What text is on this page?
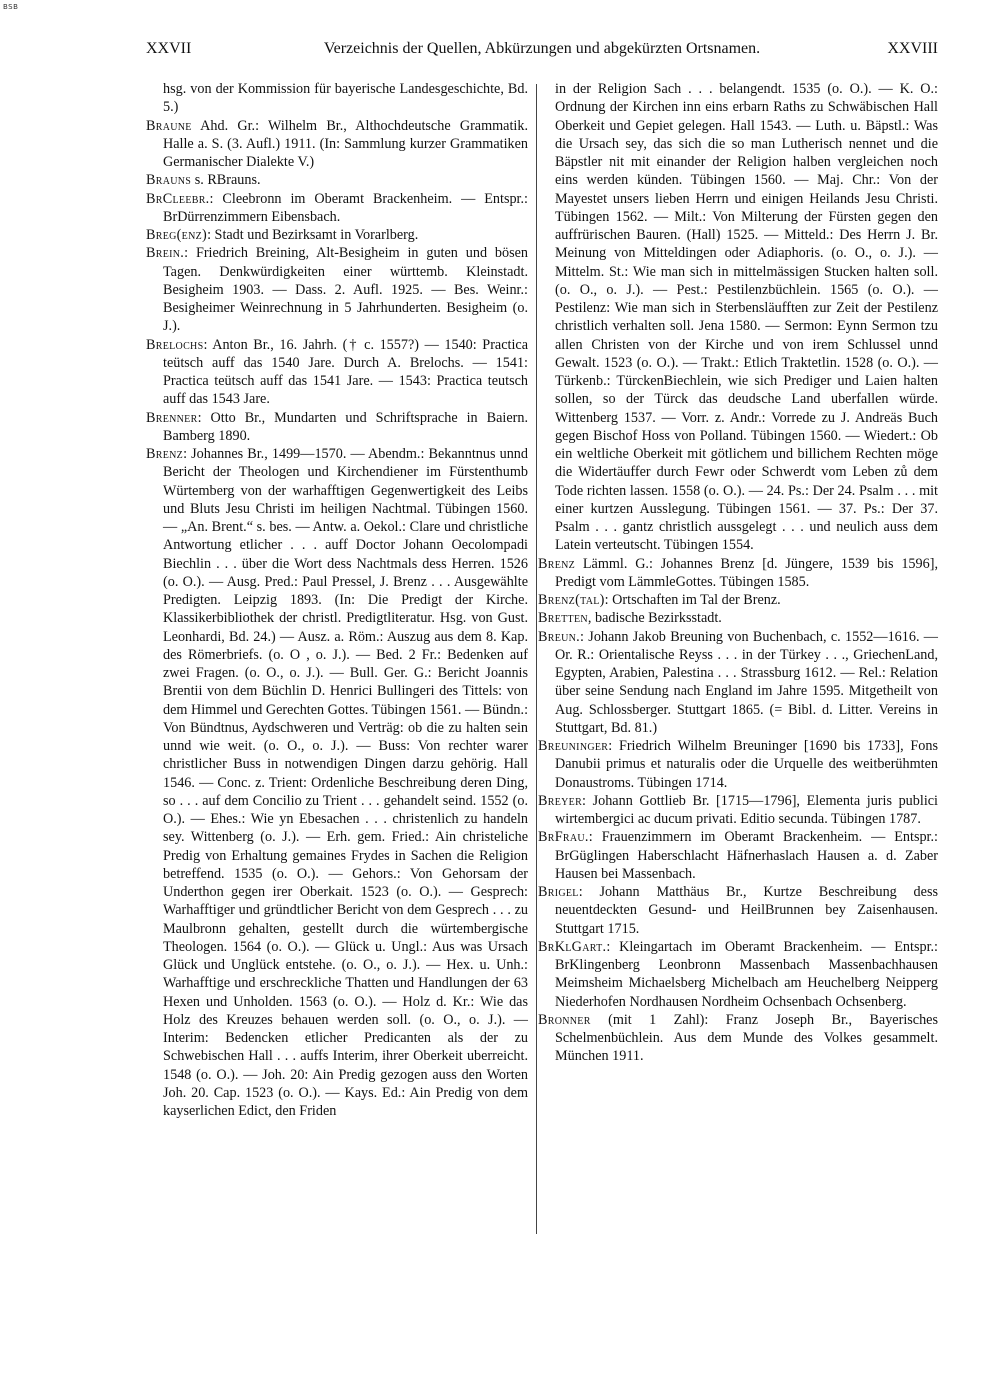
BSB
XXVII	Verzeichnis der Quellen, Abkürzungen und abgekürzten Ortsnamen.	XXVIII

hsg. von der Kommission für bayerische Landesgeschichte, Bd. 5.)

Braune Ahd. Gr.: Wilhelm Br., Althochdeutsche Grammatik. Halle a. S. (3. Aufl.) 1911. (In: Sammlung kurzer Grammatiken Germanischer Dialekte V.)

Brauns s. RBrauns.

BrCleebr.: Cleebronn im Oberamt Brackenheim. — Entspr.: BrDürrenzimmern Eibensbach.

Breg(enz): Stadt und Bezirksamt in Vorarlberg.

Brein.: Friedrich Breining, Alt-Besigheim in guten und bösen Tagen. Denkwürdigkeiten einer württemb. Kleinstadt. Besigheim 1903. — Dass. 2. Aufl. 1925. — Bes. Weinr.: Besigheimer Weinrechnung in 5 Jahrhunderten. Besigheim (o. J.).

Brelochs: Anton Br., 16. Jahrh. († c. 1557?) — 1540: Practica teütsch auff das 1540 Jare. Durch A. Brelochs. — 1541: Practica teütsch auff das 1541 Jare. — 1543: Practica teutsch auff das 1543 Jare.

Brenner: Otto Br., Mundarten und Schriftsprache in Baiern. Bamberg 1890.

Brenz: Johannes Br., 1499—1570. — Abendm.: Bekanntnus unnd Bericht der Theologen und Kirchendiener im Fürstenthumb Würtemberg von der warhafftigen Gegenwertigkeit des Leibs und Bluts Jesu Christi im heiligen Nachtmal. Tübingen 1560. — „An. Brent.“ s. bes. — Antw. a. Oekol.: Clare und christliche Antwortung etlicher . . . auff Doctor Johann Oecolompadi Biechlin . . . über die Wort dess Nachtmals dess Herren. 1526 (o. O.). — Ausg. Pred.: Paul Pressel, J. Brenz . . . Ausgewählte Predigten. Leipzig 1893. (In: Die Predigt der Kirche. Klassikerbibliothek der christl. Predigtliteratur. Hsg. von Gust. Leonhardi, Bd. 24.) — Ausz. a. Röm.: Auszug aus dem 8. Kap. des Römerbriefs. (o. O , o. J.). — Bed. 2 Fr.: Bedenken auf zwei Fragen. (o. O., o. J.). — Bull. Ger. G.: Bericht Joannis Brentii von dem Büchlin D. Henrici Bullingeri des Tittels: von dem Himmel und Gerechten Gottes. Tübingen 1561. — Bündn.: Von Bündtnus, Aydschweren und Verträg: ob die zu halten sein unnd wie weit. (o. O., o. J.). — Buss: Von rechter warer christlicher Buss in notwendigen Dingen darzu gehörig. Hall 1546. — Conc. z. Trient: Ordenliche Beschreibung deren Ding, so . . . auf dem Concilio zu Trient . . . gehandelt seind. 1552 (o. O.). — Ehes.: Wie yn Ebesachen . . . christenlich zu handeln sey. Wittenberg (o. J.). — Erh. gem. Fried.: Ain christeliche Predig von Erhaltung gemaines Frydes in Sachen die Religion betreffend. 1535 (o. O.). — Gehors.: Von Gehorsam der Underthon gegen irer Oberkait. 1523 (o. O.). — Gesprech: Warhafftiger und gründtlicher Bericht von dem Gesprech . . . zu Maulbronn gehalten, gestellt durch die würtembergische Theologen. 1564 (o. O.). — Glück u. Ungl.: Aus was Ursach Glück und Unglück entstehe. (o. O., o. J.). — Hex. u. Unh.: Warhafftige und erschreckliche Thatten und Handlungen der 63 Hexen und Unholden. 1563 (o. O.). — Holz d. Kr.: Wie das Holz des Kreuzes behauen werden soll. (o. O., o. J.). — Interim: Bedencken etlicher Predicanten als der zu Schwebischen Hall . . . auffs Interim, ihrer Oberkeit uberreicht. 1548 (o. O.). — Joh. 20: Ain Predig gezogen auss den Worten Joh. 20. Cap. 1523 (o. O.). — Kays. Ed.: Ain Predig von dem kayserlichen Edict, den Friden

in der Religion Sach . . . belangendt. 1535 (o. O.). — K. O.: Ordnung der Kirchen inn eins erbarn Raths zu Schwäbischen Hall Oberkeit und Gepiet gelegen. Hall 1543. — Luth. u. Bäpstl.: Was die Ursach sey, das sich die so man Lutherisch nennet und die Bäpstler nit mit einander der Religion halben vergleichen noch eins werden künden. Tübingen 1560. — Maj. Chr.: Von der Mayestet unsers lieben Herrn und einigen Heilands Jesu Christi. Tübingen 1562. — Milt.: Von Milterung der Fürsten gegen den auffrürischen Bauren. (Hall) 1525. — Mitteld.: Des Herrn J. Br. Meinung von Mitteldingen oder Adiaphoris. (o. O., o. J.). — Mittelm. St.: Wie man sich in mittelmässigen Stucken halten soll. (o. O., o. J.). — Pest.: Pestilenzbüchlein. 1565 (o. O.). — Pestilenz: Wie man sich in Sterbensläufften zur Zeit der Pestilenz christlich verhalten soll. Jena 1580. — Sermon: Eynn Sermon tzu allen Christen von der Kirche und von irem Schlussel unnd Gewalt. 1523 (o. O.). — Trakt.: Etlich Traktetlin. 1528 (o. O.). — Türkenb.: TürckenBiechlein, wie sich Prediger und Laien halten sollen, so der Türck das deudsche Land uberfallen würde. Wittenberg 1537. — Vorr. z. Andr.: Vorrede zu J. Andreäs Buch gegen Bischof Hoss von Polland. Tübingen 1560. — Wiedert.: Ob ein weltliche Oberkeit mit götlichem und billichem Rechten möge die Widertäuffer durch Fewr oder Schwerdt vom Leben zů dem Tode richten lassen. 1558 (o. O.). — 24. Ps.: Der 24. Psalm . . . mit einer kurtzen Ausslegung. Tübingen 1561. — 37. Ps.: Der 37. Psalm . . . gantz christlich aussgelegt . . . und neulich auss dem Latein verteutscht. Tübingen 1554.

Brenz Lämml. G.: Johannes Brenz [d. Jüngere, 1539 bis 1596], Predigt vom LämmleGottes. Tübingen 1585.

Brenz(tal): Ortschaften im Tal der Brenz.

Bretten, badische Bezirksstadt.

Breun.: Johann Jakob Breuning von Buchenbach, c. 1552—1616. — Or. R.: Orientalische Reyss . . . in der Türkey . . ., GriechenLand, Egypten, Arabien, Palestina . . . Strassburg 1612. — Rel.: Relation über seine Sendung nach England im Jahre 1595. Mitgetheilt von Aug. Schlossberger. Stuttgart 1865. (= Bibl. d. Litter. Vereins in Stuttgart, Bd. 81.)

Breuninger: Friedrich Wilhelm Breuninger [1690 bis 1733], Fons Danubii primus et naturalis oder die Urquelle des weitberühmten Donaustroms. Tübingen 1714.

Breyer: Johann Gottlieb Br. [1715—1796], Elementa juris publici wirtembergici ac ducum privati. Editio secunda. Tübingen 1787.

BrFrau.: Frauenzimmern im Oberamt Brackenheim. — Entspr.: BrGüglingen Haberschlacht Häfnerhaslach Hausen a. d. Zaber Hausen bei Massenbach.

Brigel: Johann Matthäus Br., Kurtze Beschreibung dess neuentdeckten Gesund- und HeilBrunnen bey Zaisenhausen. Stuttgart 1715.

BrKlGart.: Kleingartach im Oberamt Brackenheim. — Entspr.: BrKlingenberg Leonbronn Massenbach Massenbachhausen Meimsheim Michaelsberg Michelbach am Heuchelberg Neipperg Niederhofen Nordhausen Nordheim Ochsenbach Ochsenberg.

Bronner (mit 1 Zahl): Franz Joseph Br., Bayerisches Schelmenbüchlein. Aus dem Munde des Volkes gesammelt. München 1911.
